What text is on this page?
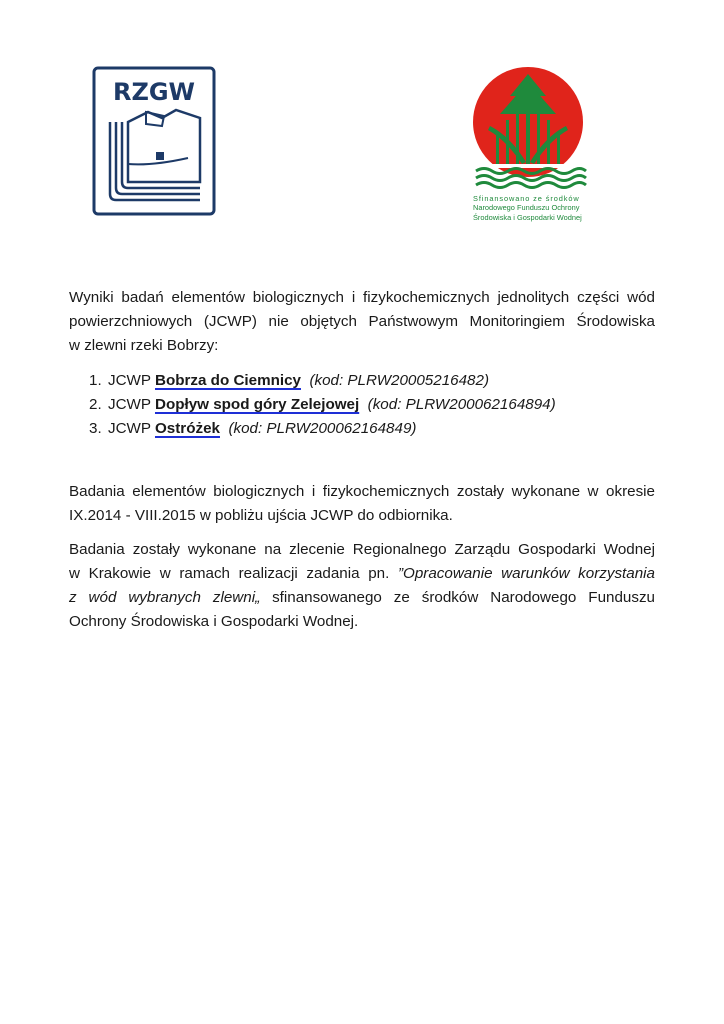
RZGW
Sfinansowano ze środków
Narodowego Funduszu Ochrony
Środowiska i Gospodarki Wodnej

Wyniki badań elementów biologicznych i fizykochemicznych jednolitych części wód
powierzchniowych (JCWP) nie objętych Państwowym Monitoringiem Środowiska
w zlewni rzeki Bobrzy:

1. JCWP Bobrza do Ciemnicy (kod: PLRW20005216482)
2. JCWP Dopływ spod góry Zelejowej (kod: PLRW200062164894)
3. JCWP Ostróżek (kod: PLRW200062164849)

Badania elementów biologicznych i fizykochemicznych zostały wykonane w okresie
IX.2014 - VIII.2015 w pobliżu ujścia JCWP do odbiornika.

Badania zostały wykonane na zlecenie Regionalnego Zarządu Gospodarki Wodnej
w Krakowie w ramach realizacji zadania pn. ”Opracowanie warunków korzystania
z wód wybranych zlewni„ sfinansowanego ze środków Narodowego Funduszu
Ochrony Środowiska i Gospodarki Wodnej.
